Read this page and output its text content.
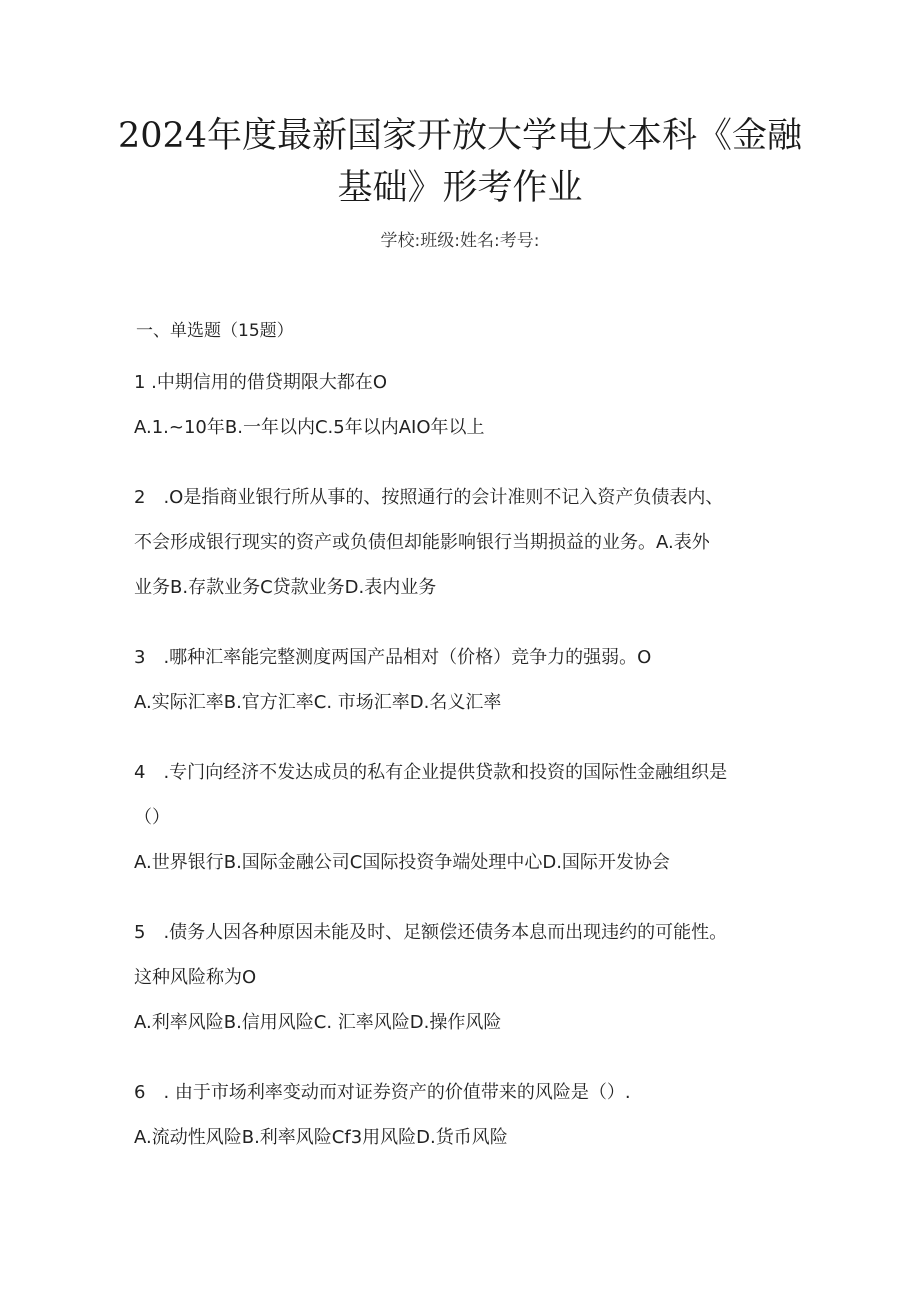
2024年度最新国家开放大学电大本科《金融
基础》形考作业
学校:班级:姓名:考号:
一、单选题（15题）

1 .中期信用的借贷期限大都在O

A.1.~10年B.一年以内C.5年以内AIO年以上

2　.O是指商业银行所从事的、按照通行的会计准则不记入资产负债表内、

不会形成银行现实的资产或负债但却能影响银行当期损益的业务。A.表外

业务B.存款业务C贷款业务D.表内业务

3　.哪种汇率能完整测度两国产品相对（价格）竞争力的强弱。O

A.实际汇率B.官方汇率C. 市场汇率D.名义汇率

4　.专门向经济不发达成员的私有企业提供贷款和投资的国际性金融组织是

（）

A.世界银行B.国际金融公司C国际投资争端处理中心D.国际开发协会

5　.债务人因各种原因未能及时、足额偿还债务本息而出现违约的可能性。

这种风险称为O

A.利率风险B.信用风险C. 汇率风险D.操作风险

6　. 由于市场利率变动而对证券资产的价值带来的风险是（）.

A.流动性风险B.利率风险Cf3用风险D.货币风险
